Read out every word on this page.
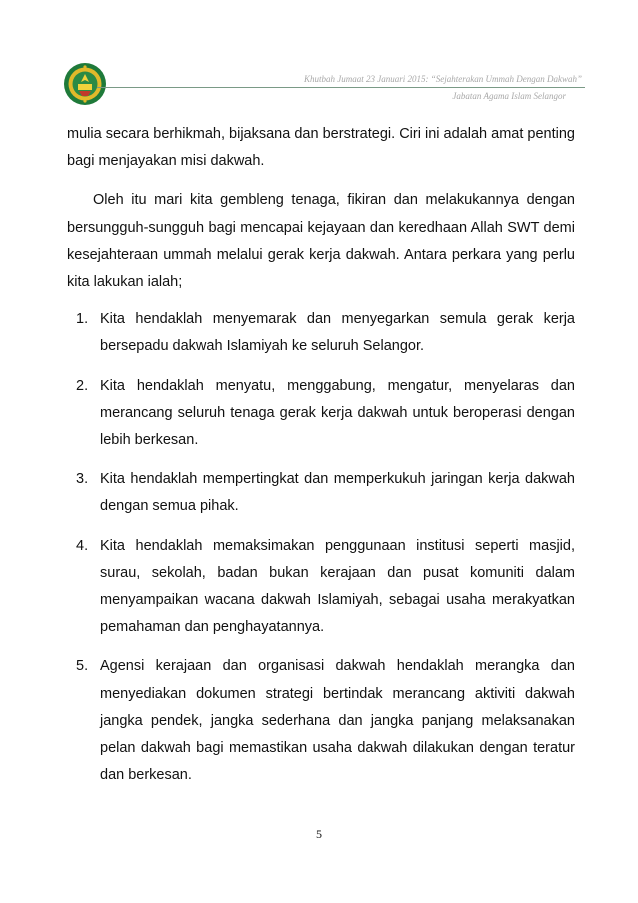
Khutbah Jumaat 23 Januari 2015: “Sejahterakan Ummah Dengan Dakwah”

Jabatan Agama Islam Selangor

mulia secara berhikmah, bijaksana dan berstrategi. Ciri ini adalah amat penting bagi menjayakan misi dakwah.

Oleh itu mari kita gembleng tenaga, fikiran dan melakukannya dengan bersungguh-sungguh bagi mencapai kejayaan dan keredhaan Allah SWT demi kesejahteraan ummah melalui gerak kerja dakwah. Antara perkara yang perlu kita lakukan ialah;

1. Kita hendaklah menyemarak dan menyegarkan semula gerak kerja bersepadu dakwah Islamiyah ke seluruh Selangor.
2. Kita hendaklah menyatu, menggabung, mengatur, menyelaras dan merancang seluruh tenaga gerak kerja dakwah untuk beroperasi dengan lebih berkesan.
3. Kita hendaklah mempertingkat dan memperkukuh jaringan kerja dakwah dengan semua pihak.
4. Kita hendaklah memaksimakan penggunaan institusi seperti masjid, surau, sekolah, badan bukan kerajaan dan pusat komuniti dalam menyampaikan wacana dakwah Islamiyah, sebagai usaha merakyatkan pemahaman dan penghayatannya.
5. Agensi kerajaan dan organisasi dakwah hendaklah merangka dan menyediakan dokumen strategi bertindak merancang aktiviti dakwah jangka pendek, jangka sederhana dan jangka panjang melaksanakan pelan dakwah bagi memastikan usaha dakwah dilakukan dengan teratur dan berkesan.

5
